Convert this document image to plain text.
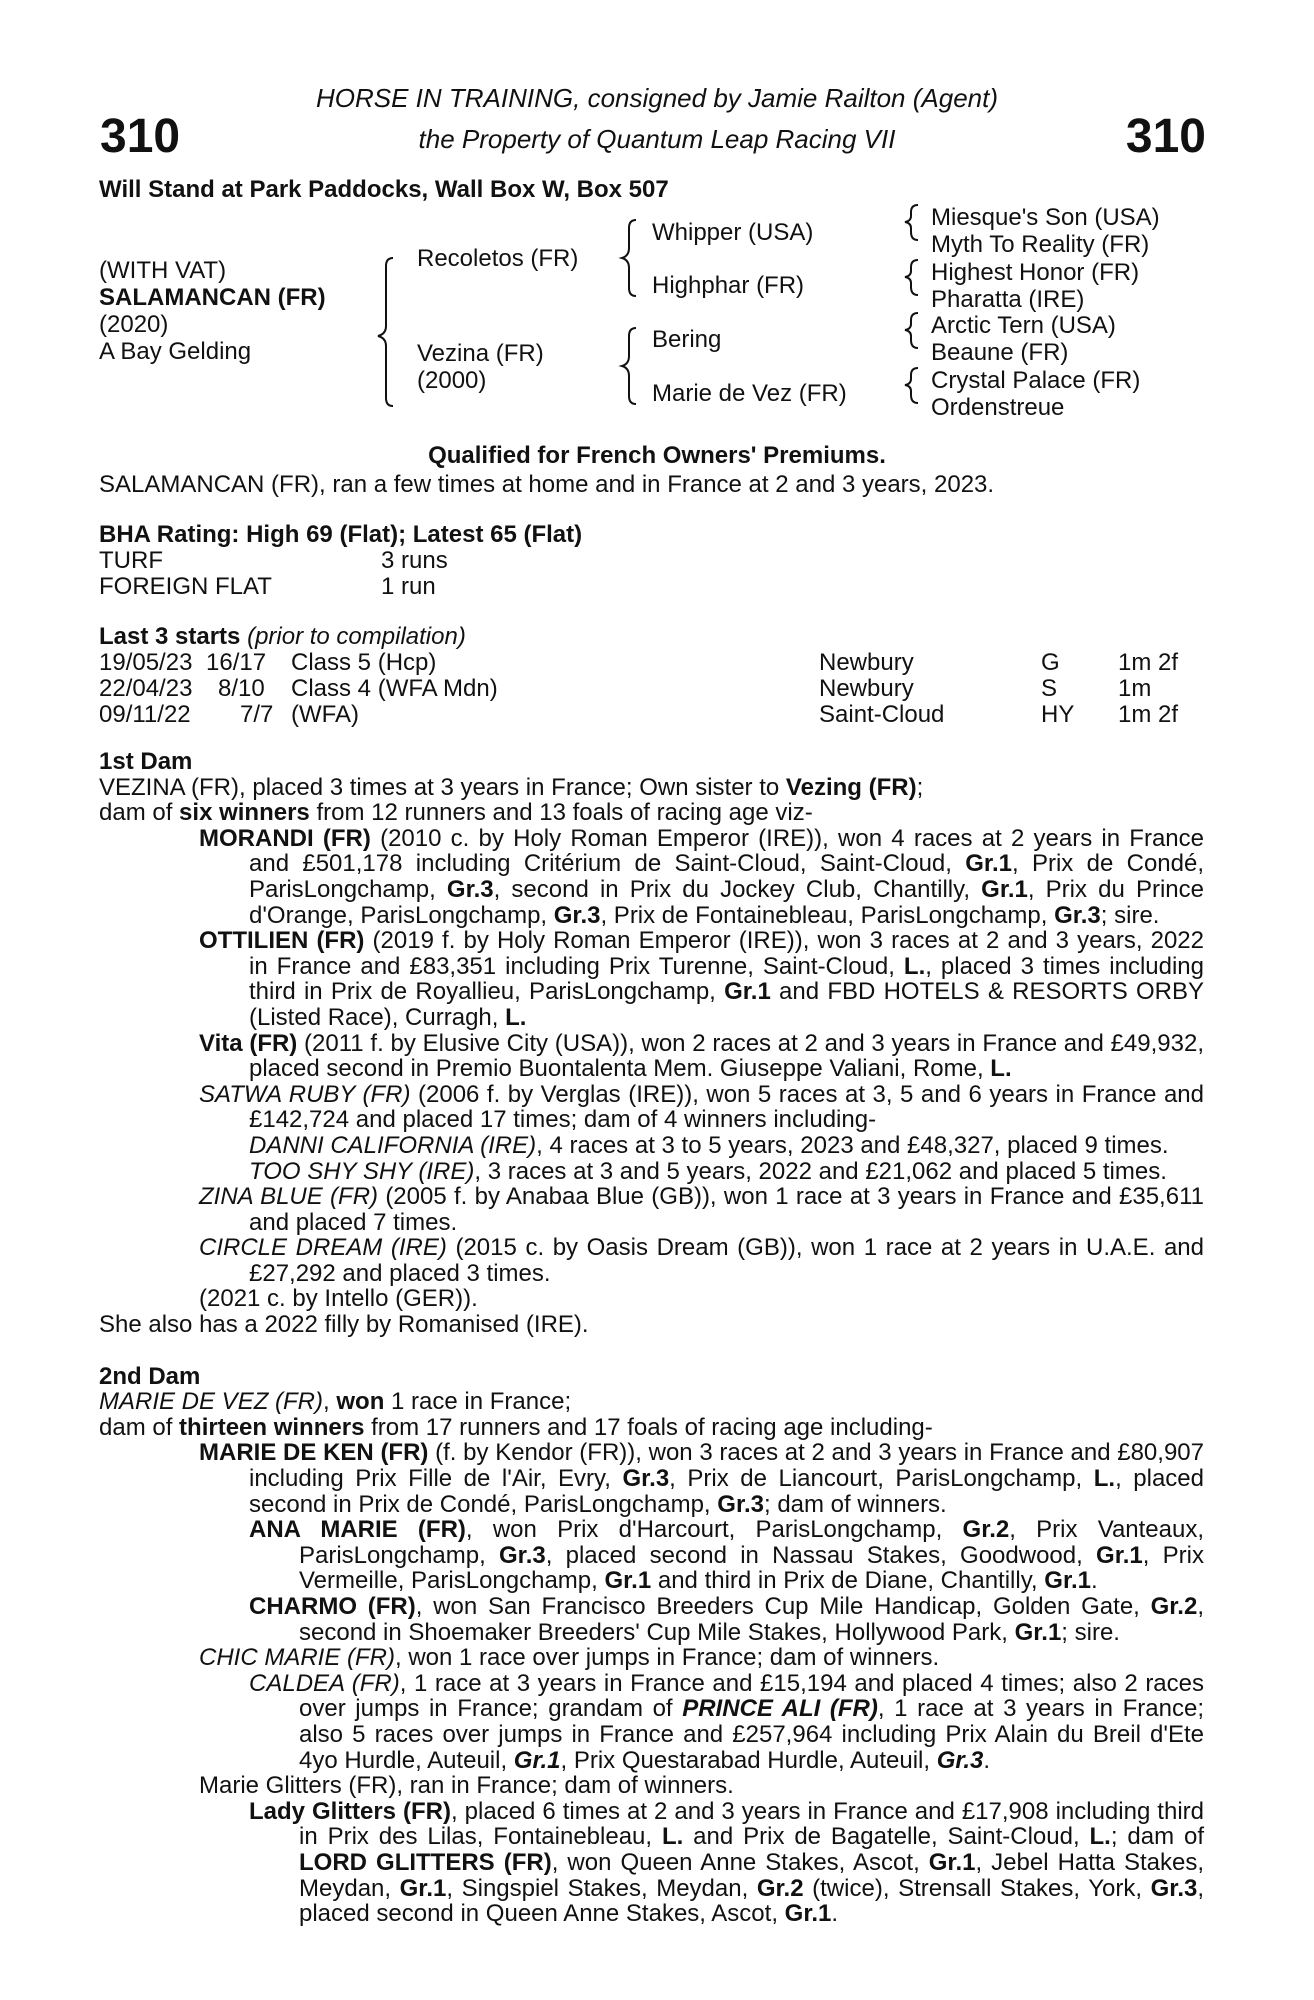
310	310
HORSE IN TRAINING, consigned by Jamie Railton (Agent)
the Property of Quantum Leap Racing VII
Will Stand at Park Paddocks, Wall Box W, Box 507
(WITH VAT)
SALAMANCAN (FR)
(2020)
A Bay Gelding
Recoletos (FR)
Vezina (FR)
(2000)
Whipper (USA)
Highphar (FR)
Bering
Marie de Vez (FR)
Miesque's Son (USA)
Myth To Reality (FR)
Highest Honor (FR)
Pharatta (IRE)
Arctic Tern (USA)
Beaune (FR)
Crystal Palace (FR)
Ordenstreue
Qualified for French Owners' Premiums.
SALAMANCAN (FR), ran a few times at home and in France at 2 and 3 years, 2023.
BHA Rating: High 69 (Flat); Latest 65 (Flat)
TURF	3 runs
FOREIGN FLAT	1 run
Last 3 starts (prior to compilation)
19/05/23 16/17 Class 5 (Hcp)	Newbury	G 1m 2f
22/04/23 8/10 Class 4 (WFA Mdn)	Newbury	S	1m
09/11/22 7/7 (WFA)	Saint-Cloud	HY 1m 2f

1st Dam

VEZINA (FR), placed 3 times at 3 years in France; Own sister to Vezing (FR);
dam of six winners from 12 runners and 13 foals of racing age viz-

MORANDI (FR) (2010 c. by Holy Roman Emperor (IRE)), won 4 races at 2 years in France and £501,178 including Critérium de Saint-Cloud, Saint-Cloud, Gr.1, Prix de Condé, ParisLongchamp, Gr.3, second in Prix du Jockey Club, Chantilly, Gr.1, Prix du Prince d'Orange, ParisLongchamp, Gr.3, Prix de Fontainebleau, ParisLongchamp, Gr.3; sire.

OTTILIEN (FR) (2019 f. by Holy Roman Emperor (IRE)), won 3 races at 2 and 3 years, 2022 in France and £83,351 including Prix Turenne, Saint-Cloud, L., placed 3 times including third in Prix de Royallieu, ParisLongchamp, Gr.1 and FBD HOTELS & RESORTS ORBY (Listed Race), Curragh, L.

Vita (FR) (2011 f. by Elusive City (USA)), won 2 races at 2 and 3 years in France and £49,932, placed second in Premio Buontalenta Mem. Giuseppe Valiani, Rome, L.

SATWA RUBY (FR) (2006 f. by Verglas (IRE)), won 5 races at 3, 5 and 6 years in France and £142,724 and placed 17 times; dam of 4 winners including-

DANNI CALIFORNIA (IRE), 4 races at 3 to 5 years, 2023 and £48,327, placed 9 times.

TOO SHY SHY (IRE), 3 races at 3 and 5 years, 2022 and £21,062 and placed 5 times.

ZINA BLUE (FR) (2005 f. by Anabaa Blue (GB)), won 1 race at 3 years in France and £35,611 and placed 7 times.

CIRCLE DREAM (IRE) (2015 c. by Oasis Dream (GB)), won 1 race at 2 years in U.A.E. and £27,292 and placed 3 times.

(2021 c. by Intello (GER)).

She also has a 2022 filly by Romanised (IRE).

2nd Dam

MARIE DE VEZ (FR), won 1 race in France;
dam of thirteen winners from 17 runners and 17 foals of racing age including-

MARIE DE KEN (FR) (f. by Kendor (FR)), won 3 races at 2 and 3 years in France and £80,907 including Prix Fille de l'Air, Evry, Gr.3, Prix de Liancourt, ParisLongchamp, L., placed second in Prix de Condé, ParisLongchamp, Gr.3; dam of winners.

ANA MARIE (FR), won Prix d'Harcourt, ParisLongchamp, Gr.2, Prix Vanteaux, ParisLongchamp, Gr.3, placed second in Nassau Stakes, Goodwood, Gr.1, Prix Vermeille, ParisLongchamp, Gr.1 and third in Prix de Diane, Chantilly, Gr.1.

CHARMO (FR), won San Francisco Breeders Cup Mile Handicap, Golden Gate, Gr.2, second in Shoemaker Breeders' Cup Mile Stakes, Hollywood Park, Gr.1; sire.

CHIC MARIE (FR), won 1 race over jumps in France; dam of winners.

CALDEA (FR), 1 race at 3 years in France and £15,194 and placed 4 times; also 2 races over jumps in France; grandam of PRINCE ALI (FR), 1 race at 3 years in France; also 5 races over jumps in France and £257,964 including Prix Alain du Breil d'Ete 4yo Hurdle, Auteuil, Gr.1, Prix Questarabad Hurdle, Auteuil, Gr.3.

Marie Glitters (FR), ran in France; dam of winners.

Lady Glitters (FR), placed 6 times at 2 and 3 years in France and £17,908 including third in Prix des Lilas, Fontainebleau, L. and Prix de Bagatelle, Saint-Cloud, L.; dam of LORD GLITTERS (FR), won Queen Anne Stakes, Ascot, Gr.1, Jebel Hatta Stakes, Meydan, Gr.1, Singspiel Stakes, Meydan, Gr.2 (twice), Strensall Stakes, York, Gr.3, placed second in Queen Anne Stakes, Ascot, Gr.1.
